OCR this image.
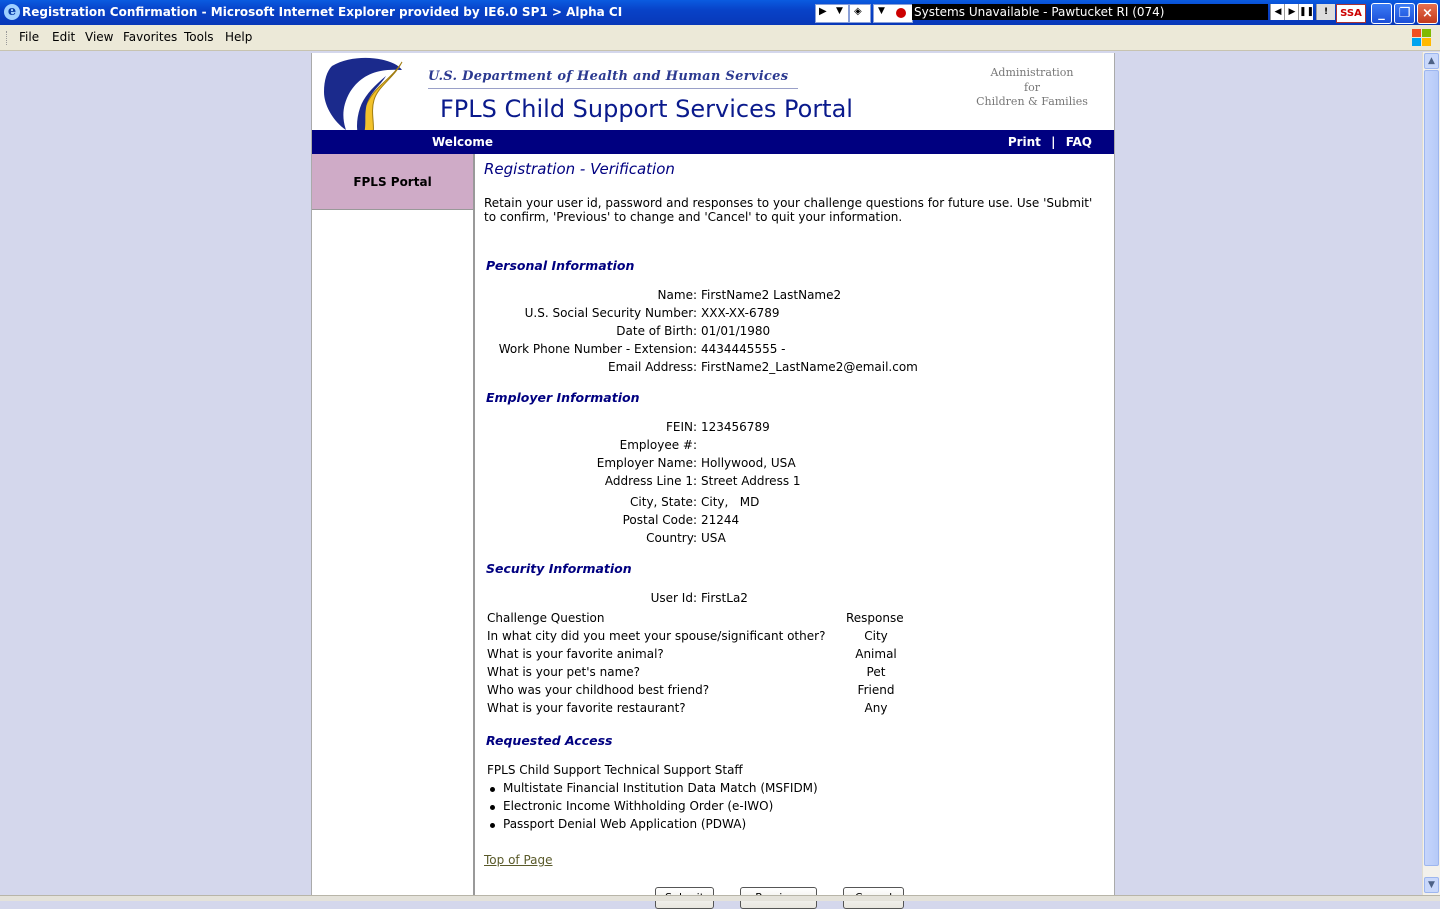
e Registration Confirmation - Microsoft Internet Explorer provided by IE6.0 SP1 > Alpha CI	▶ ▼ ◈ ▼ Systems Unavailable - Pawtucket RI (074)	◀ ▶ ❚❚	!	SSA	_	❐ ×
File Edit View Favorites Tools Help
U.S. Department of Health and Human Services
FPLS Child Support Services Portal
Administration
for
Children & Families
Welcome	Print | FAQ
FPLS Portal
Registration - Verification
Retain your user id, password and responses to your challenge questions for future use. Use 'Submit' to confirm, 'Previous' to change and 'Cancel' to quit your information.
Personal Information
Name: FirstName2 LastName2
U.S. Social Security Number: XXX-XX-6789
Date of Birth: 01/01/1980
Work Phone Number - Extension: 4434445555 -
Email Address: FirstName2_LastName2@email.com
Employer Information
FEIN: 123456789
Employee #:
Employer Name: Hollywood, USA
Address Line 1: Street Address 1
City, State: City,   MD
Postal Code: 21244
Country: USA
Security Information
User Id: FirstLa2
Challenge Question	Response
In what city did you meet your spouse/significant other?	City
What is your favorite animal?	Animal
What is your pet's name?	Pet
Who was your childhood best friend?	Friend
What is your favorite restaurant?	Any
Requested Access
FPLS Child Support Technical Support Staff
Multistate Financial Institution Data Match (MSFIDM)
Electronic Income Withholding Order (e-IWO)
Passport Denial Web Application (PDWA)
Top of Page
▲
▼
